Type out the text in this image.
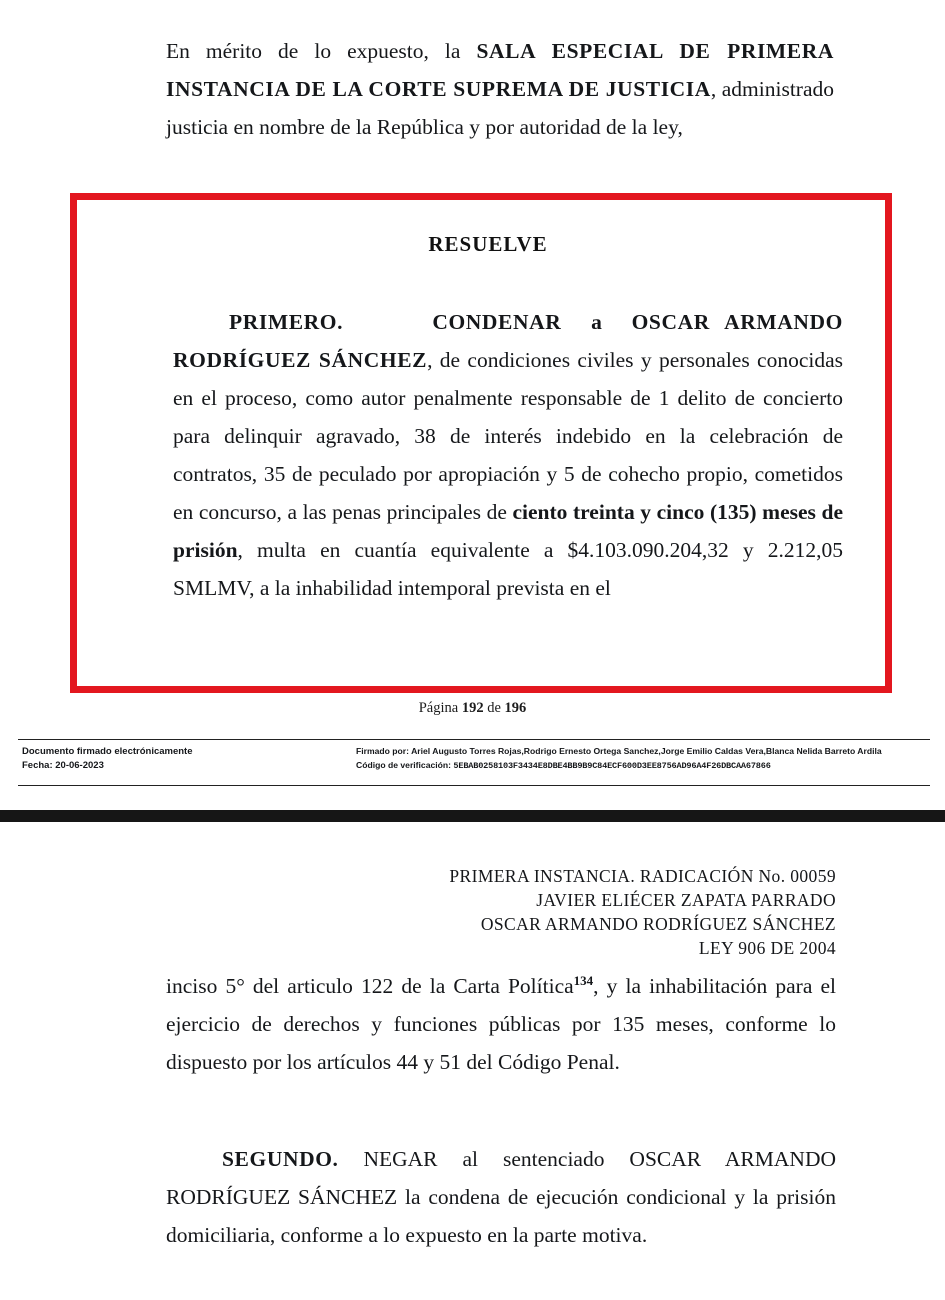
En mérito de lo expuesto, la SALA ESPECIAL DE PRIMERA INSTANCIA DE LA CORTE SUPREMA DE JUSTICIA, administrado justicia en nombre de la República y por autoridad de la ley,
RESUELVE
PRIMERO.	CONDENAR a OSCAR ARMANDO RODRÍGUEZ SÁNCHEZ, de condiciones civiles y personales conocidas en el proceso, como autor penalmente responsable de 1 delito de concierto para delinquir agravado, 38 de interés indebido en la celebración de contratos, 35 de peculado por apropiación y 5 de cohecho propio, cometidos en concurso, a las penas principales de ciento treinta y cinco (135) meses de prisión, multa en cuantía equivalente a $4.103.090.204,32 y 2.212,05 SMLMV, a la inhabilidad intemporal prevista en el
Página 192 de 196
Documento firmado electrónicamente
Fecha: 20-06-2023
Firmado por: Ariel Augusto Torres Rojas,Rodrigo Ernesto Ortega Sanchez,Jorge Emilio Caldas Vera,Blanca Nelida Barreto Ardila
Código de verificación: 5EBAB0258103F3434E8DBE4BB9B9C84ECF600D3EE8756AD96A4F26DBCAA67866
PRIMERA INSTANCIA. RADICACIÓN No. 00059
JAVIER ELIÉCER ZAPATA PARRADO
OSCAR ARMANDO RODRÍGUEZ SÁNCHEZ
LEY 906 DE 2004
inciso 5° del articulo 122 de la Carta Política$^{134}$, y la inhabilitación para el ejercicio de derechos y funciones públicas por 135 meses, conforme lo dispuesto por los artículos 44 y 51 del Código Penal.
SEGUNDO. NEGAR al sentenciado OSCAR ARMANDO RODRÍGUEZ SÁNCHEZ la condena de ejecución condicional y la prisión domiciliaria, conforme a lo expuesto en la parte motiva.
